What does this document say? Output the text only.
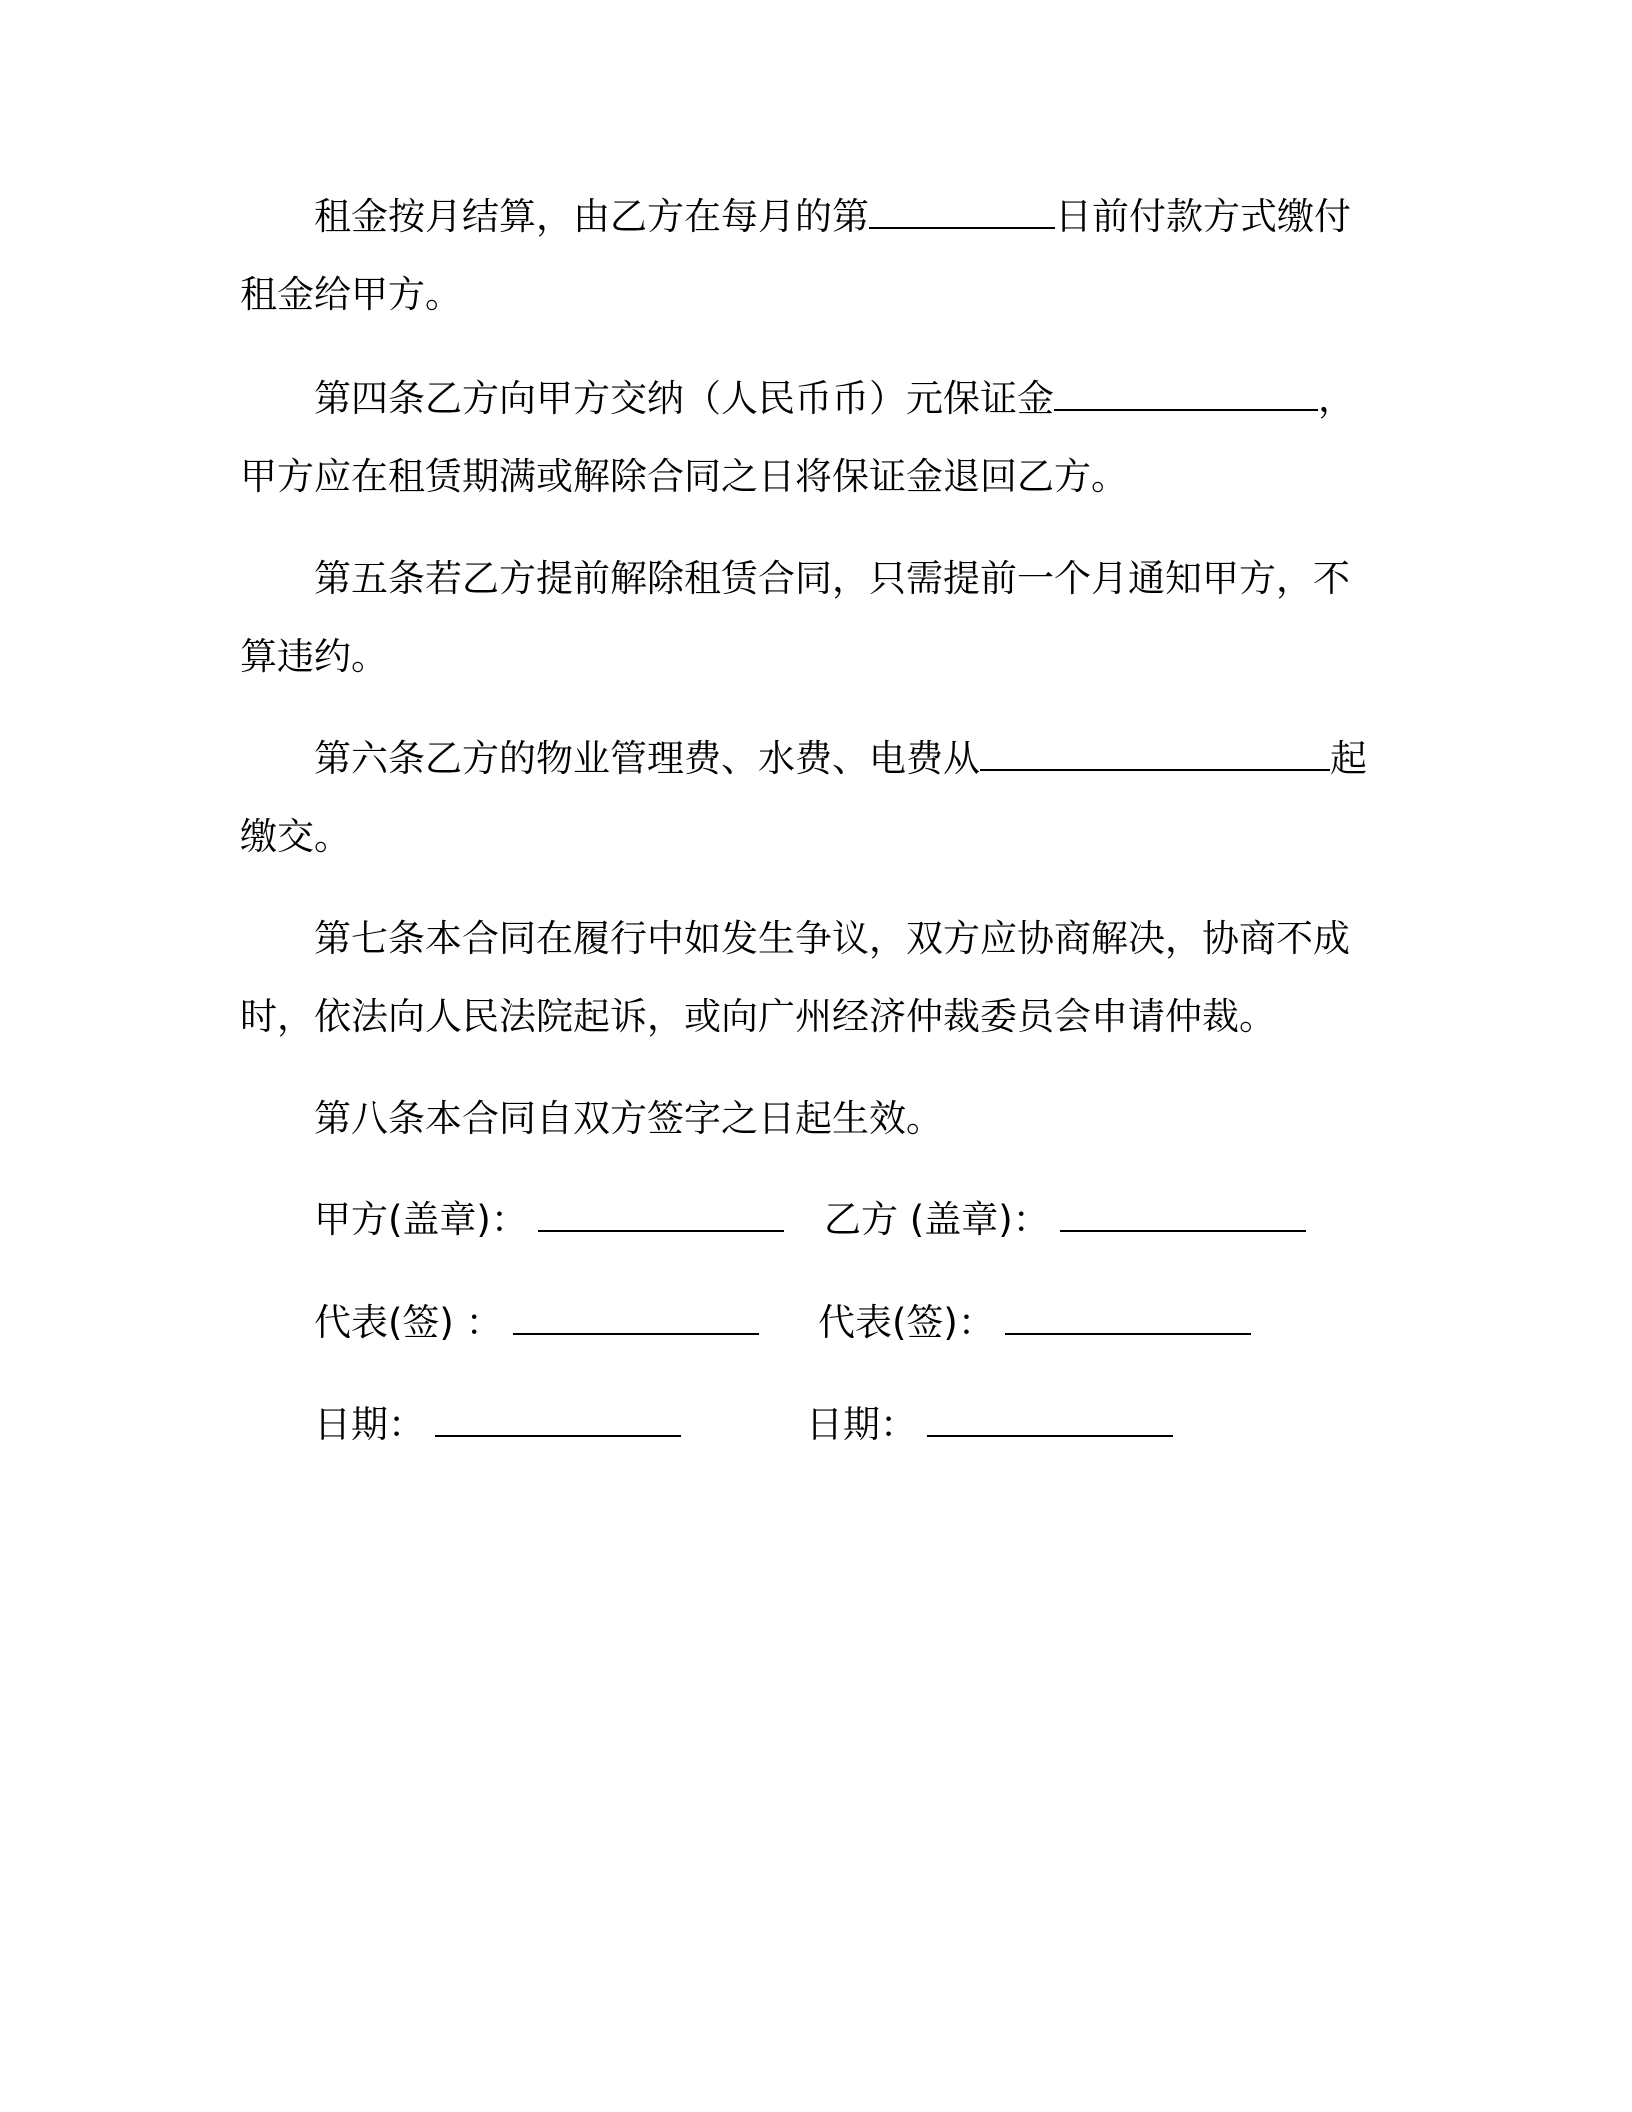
租金按月结算，由乙方在每月的第	日前付款方式缴付租金给甲方。

第四条乙方向甲方交纳（人民币币）元保证金	，甲方应在租赁期满或解除合同之日将保证金退回乙方。

第五条若乙方提前解除租赁合同，只需提前一个月通知甲方，不算违约。

第六条乙方的物业管理费、水费、电费从	起缴交。

第七条本合同在履行中如发生争议，双方应协商解决，协商不成时，依法向人民法院起诉，或向广州经济仲裁委员会申请仲裁。

第八条本合同自双方签字之日起生效。

甲方(盖章)：	乙方 (盖章)：
代表(签) ：	代表(签)：
日期：	日期：
